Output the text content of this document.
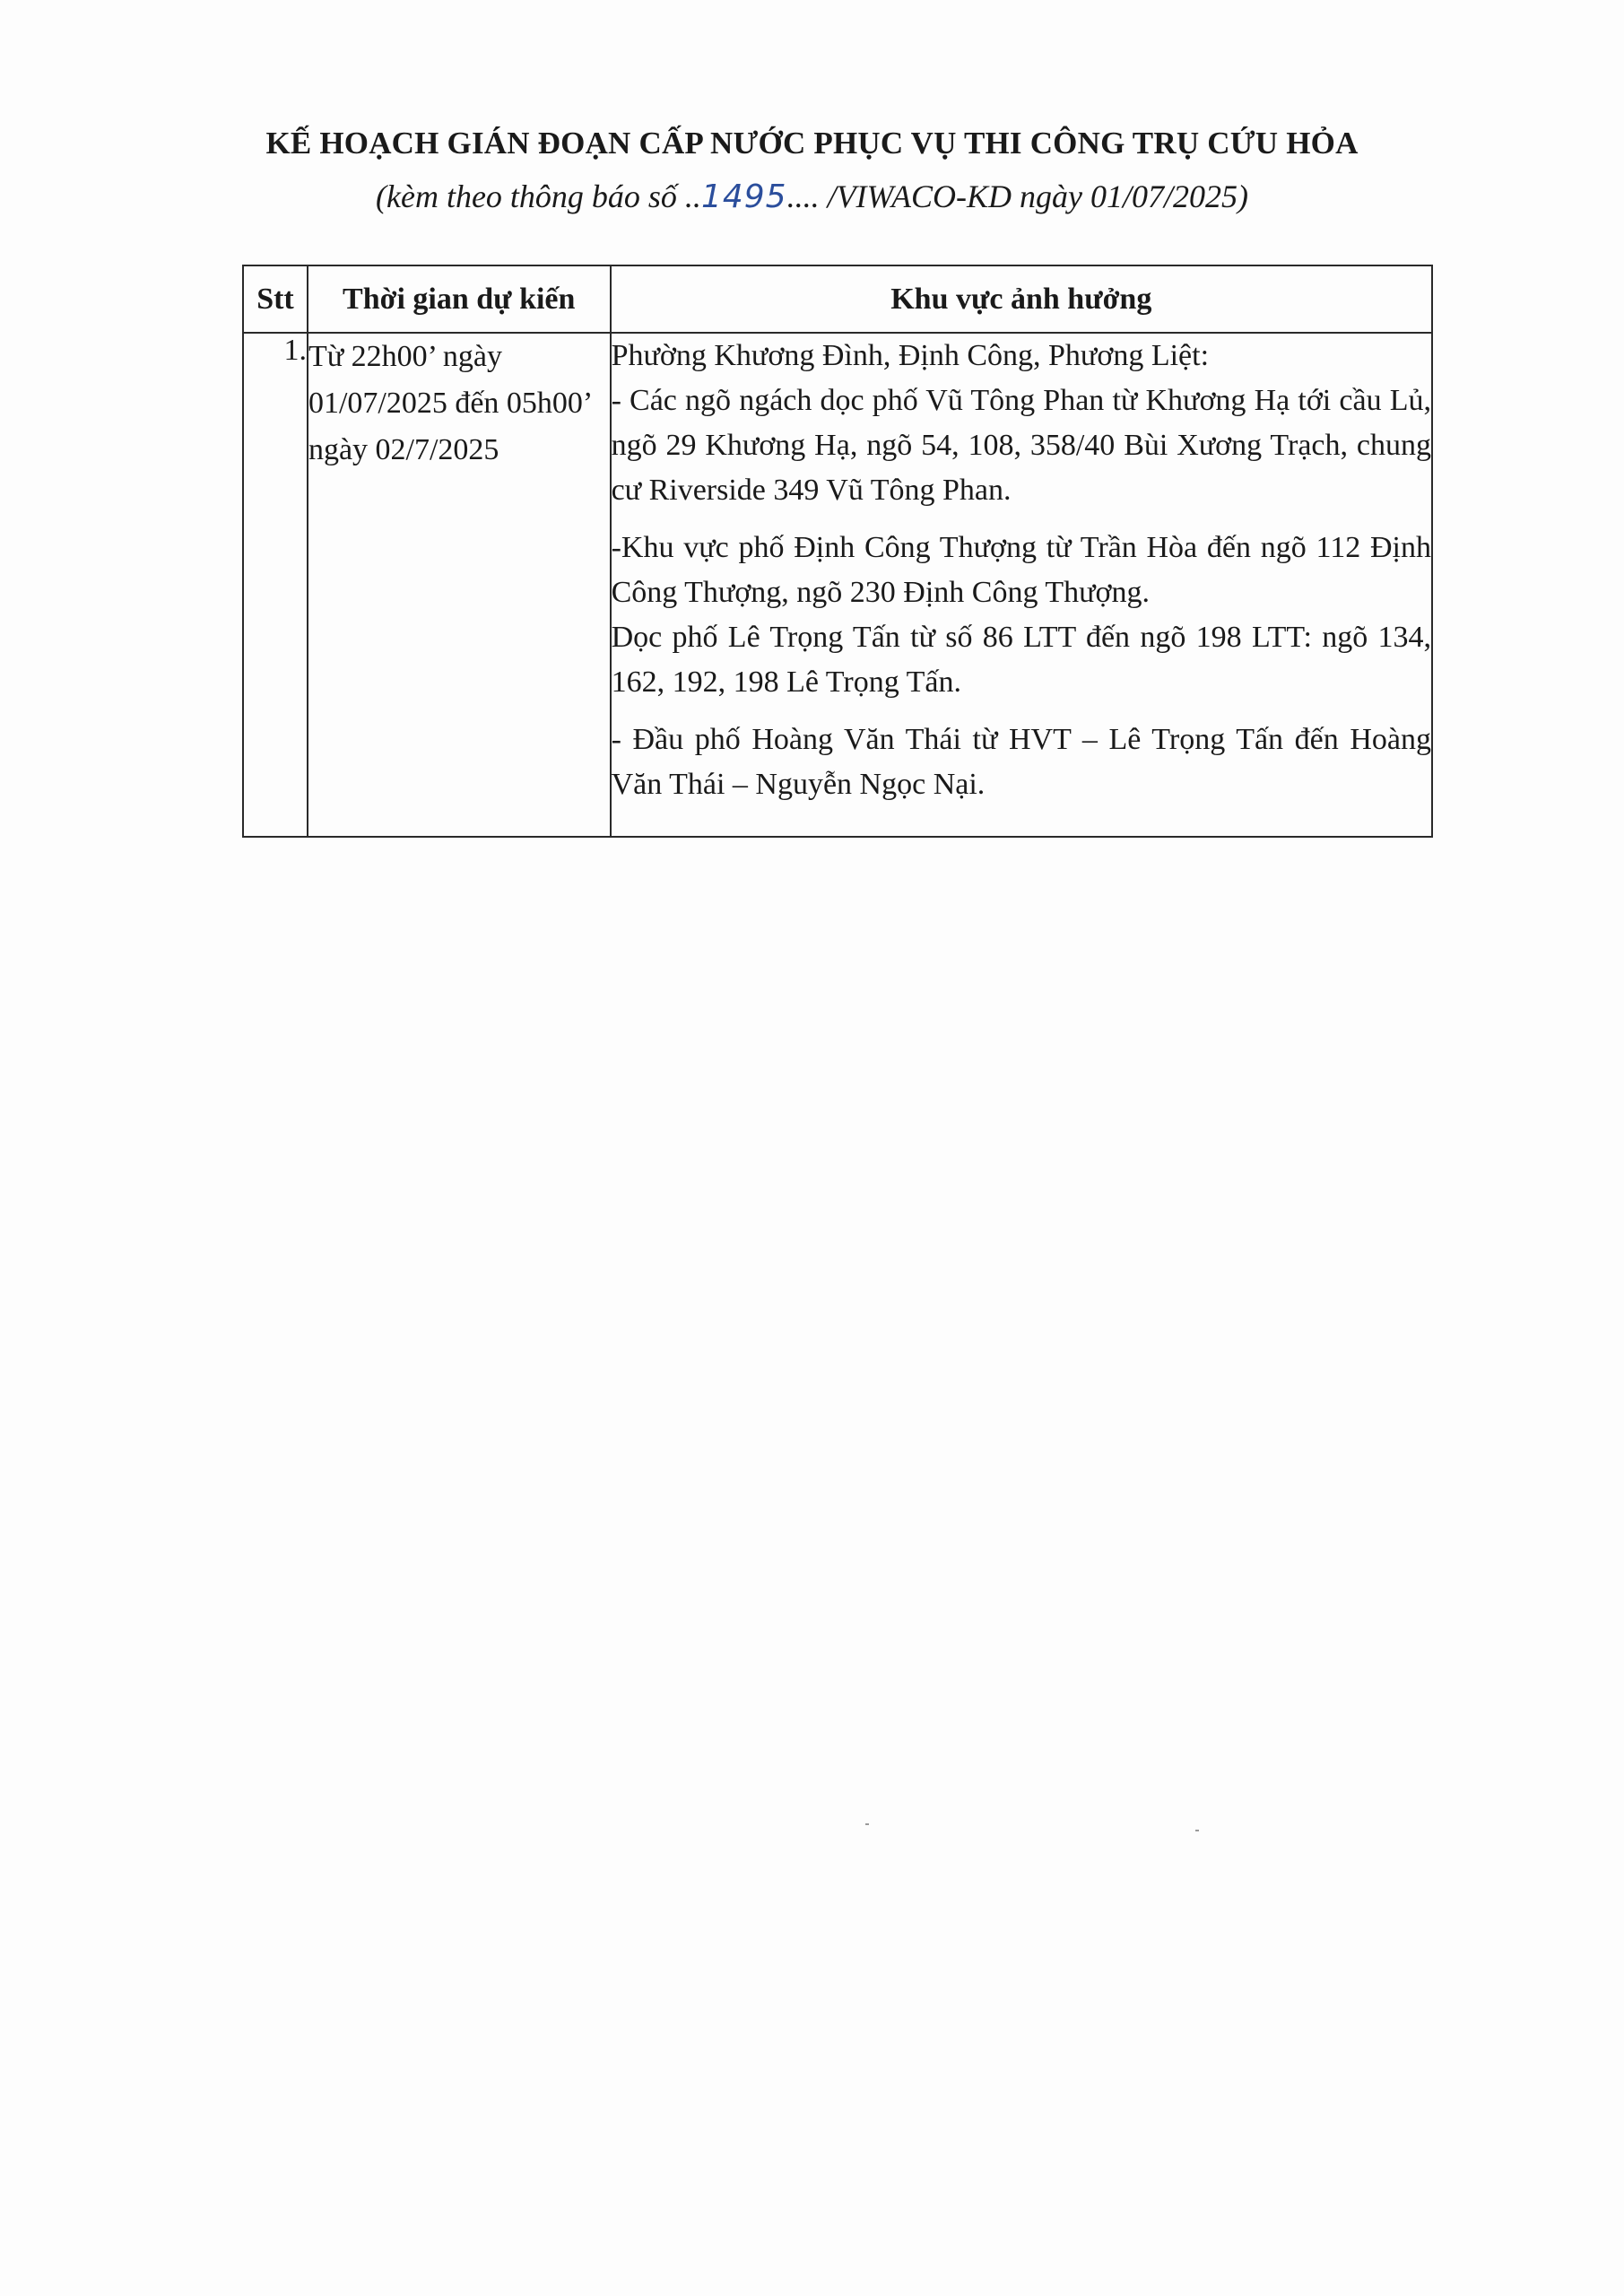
KẾ HOẠCH GIÁN ĐOẠN CẤP NƯỚC PHỤC VỤ THI CÔNG TRỤ CỨU HỎA
(kèm theo thông báo số ..1495.... /VIWACO-KD ngày 01/07/2025)
Stt	Thời gian dự kiến	Khu vực ảnh hưởng
1.	Từ 22h00’ ngày 01/07/2025 đến 05h00’ ngày 02/7/2025	Phường Khương Đình, Định Công, Phương Liệt:

- Các ngõ ngách dọc phố Vũ Tông Phan từ Khương Hạ tới cầu Lủ, ngõ 29 Khương Hạ, ngõ 54, 108, 358/40 Bùi Xương Trạch, chung cư Riverside 349 Vũ Tông Phan.

-Khu vực phố Định Công Thượng từ Trần Hòa đến ngõ 112 Định Công Thượng, ngõ 230 Định Công Thượng.

Dọc phố Lê Trọng Tấn từ số 86 LTT đến ngõ 198 LTT: ngõ 134, 162, 192, 198 Lê Trọng Tấn.

- Đầu phố Hoàng Văn Thái từ HVT – Lê Trọng Tấn đến Hoàng Văn Thái – Nguyễn Ngọc Nại.
